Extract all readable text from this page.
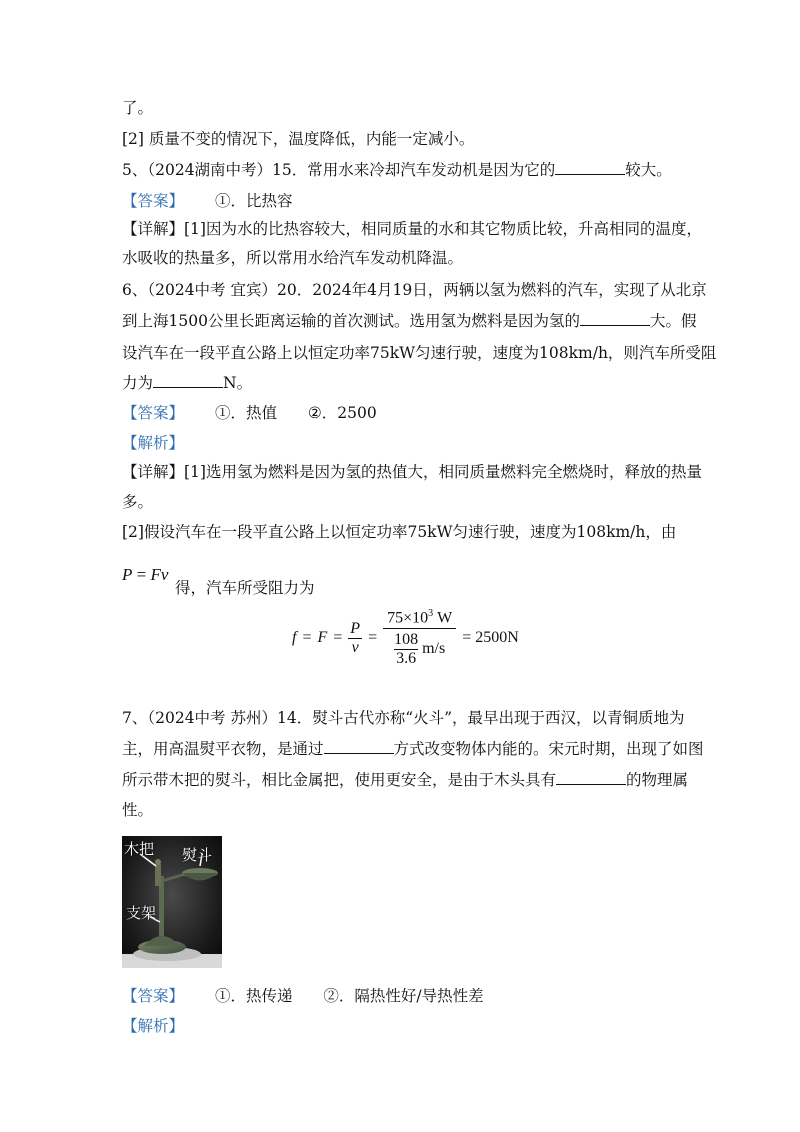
了。
[2] 质量不变的情况下，温度降低，内能一定减小。
5、（2024湖南中考）15．常用水来冷却汽车发动机是因为它的	较大。
【答案】 ①．比热容
【详解】[1]因为水的比热容较大，相同质量的水和其它物质比较，升高相同的温度，
水吸收的热量多，所以常用水给汽车发动机降温。
6、（2024中考 宜宾）20．2024年4月19日，两辆以氢为燃料的汽车，实现了从北京
到上海1500公里长距离运输的首次测试。选用氢为燃料是因为氢的	大。假
设汽车在一段平直公路上以恒定功率75kW匀速行驶，速度为108km/h，则汽车所受阻
力为	N。
【答案】 ①．热值 ②．2500
【解析】
【详解】[1]选用氢为燃料是因为氢的热值大，相同质量燃料完全燃烧时，释放的热量
多。
[2]假设汽车在一段平直公路上以恒定功率75kW匀速行驶，速度为108km/h，由
P = Fv
得，汽车所受阻力为
$f = F = \frac{P}{v} = \frac{75\times 10^3 W}{\frac{108}{3.6} m/s} = 2500N$
7、（2024中考 苏州）14．熨斗古代亦称“火斗”，最早出现于西汉，以青铜质地为
主，用高温熨平衣物，是通过	方式改变物体内能的。宋元时期，出现了如图
所示带木把的熨斗，相比金属把，使用更安全，是由于木头具有	的物理属
性。
木把 熨斗
支架
【答案】 ①．热传递 ②．隔热性好/导热性差
【解析】
